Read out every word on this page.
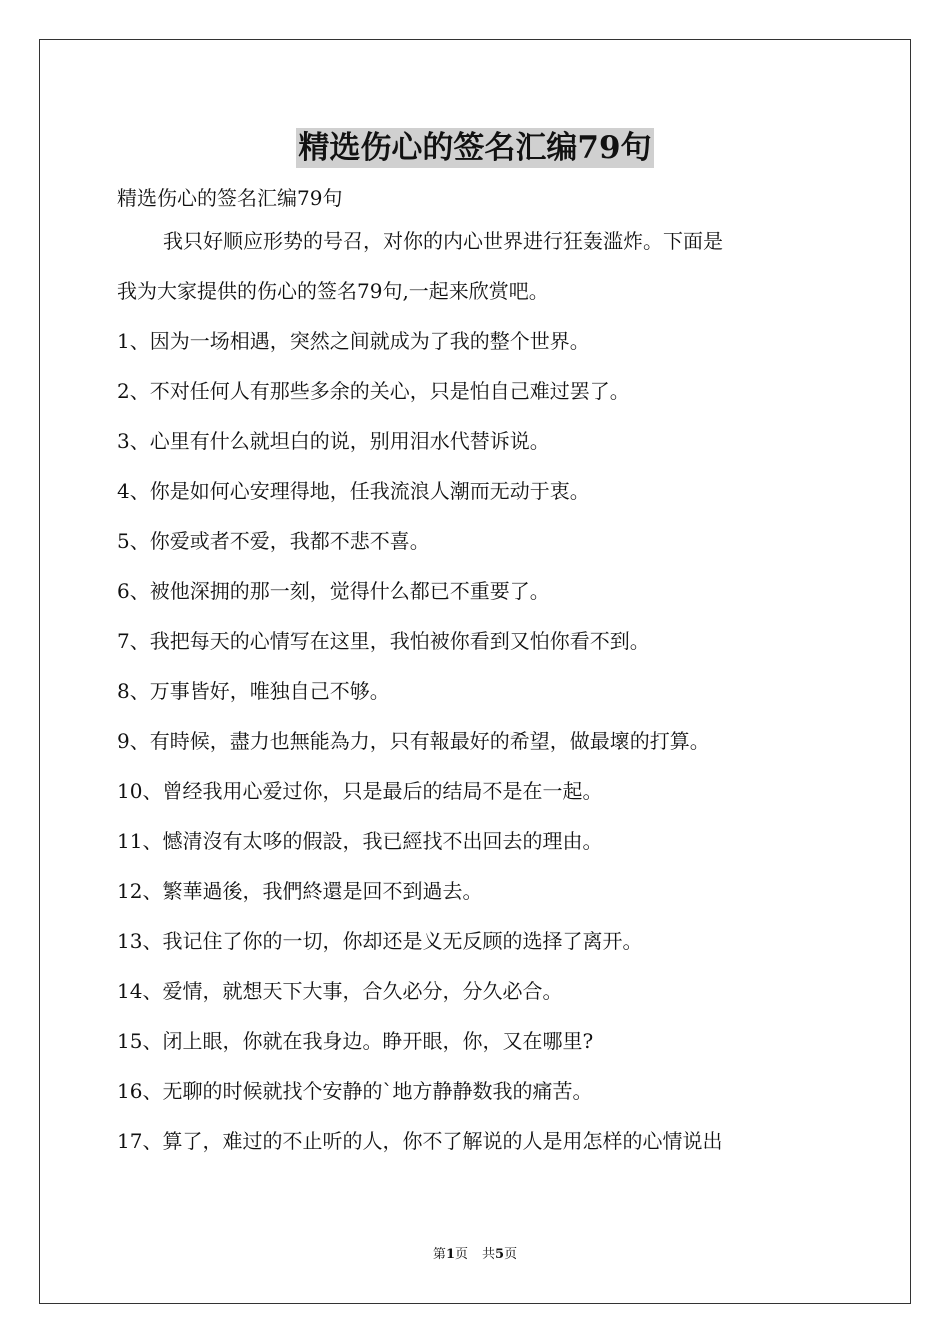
精选伤心的签名汇编79句
精选伤心的签名汇编79句
我只好顺应形势的号召，对你的内心世界进行狂轰滥炸。下面是
我为大家提供的伤心的签名79句,一起来欣赏吧。
1、因为一场相遇，突然之间就成为了我的整个世界。
2、不对任何人有那些多余的关心，只是怕自己难过罢了。
3、心里有什么就坦白的说，别用泪水代替诉说。
4、你是如何心安理得地，任我流浪人潮而无动于衷。
5、你爱或者不爱，我都不悲不喜。
6、被他深拥的那一刻，觉得什么都已不重要了。
7、我把每天的心情写在这里，我怕被你看到又怕你看不到。
8、万事皆好，唯独自己不够。
9、有時候，盡力也無能為力，只有報最好的希望，做最壞的打算。
10、曾经我用心爱过你，只是最后的结局不是在一起。
11、憾清沒有太哆的假設，我已經找不出回去的理由。
12、繁華過後，我們終還是回不到過去。
13、我记住了你的一切，你却还是义无反顾的选择了离开。
14、爱情，就想天下大事，合久必分，分久必合。
15、闭上眼，你就在我身边。睁开眼，你，又在哪里?
16、无聊的时候就找个安静的`地方静静数我的痛苦。
17、算了，难过的不止听的人，你不了解说的人是用怎样的心情说出
第1页 共5页
